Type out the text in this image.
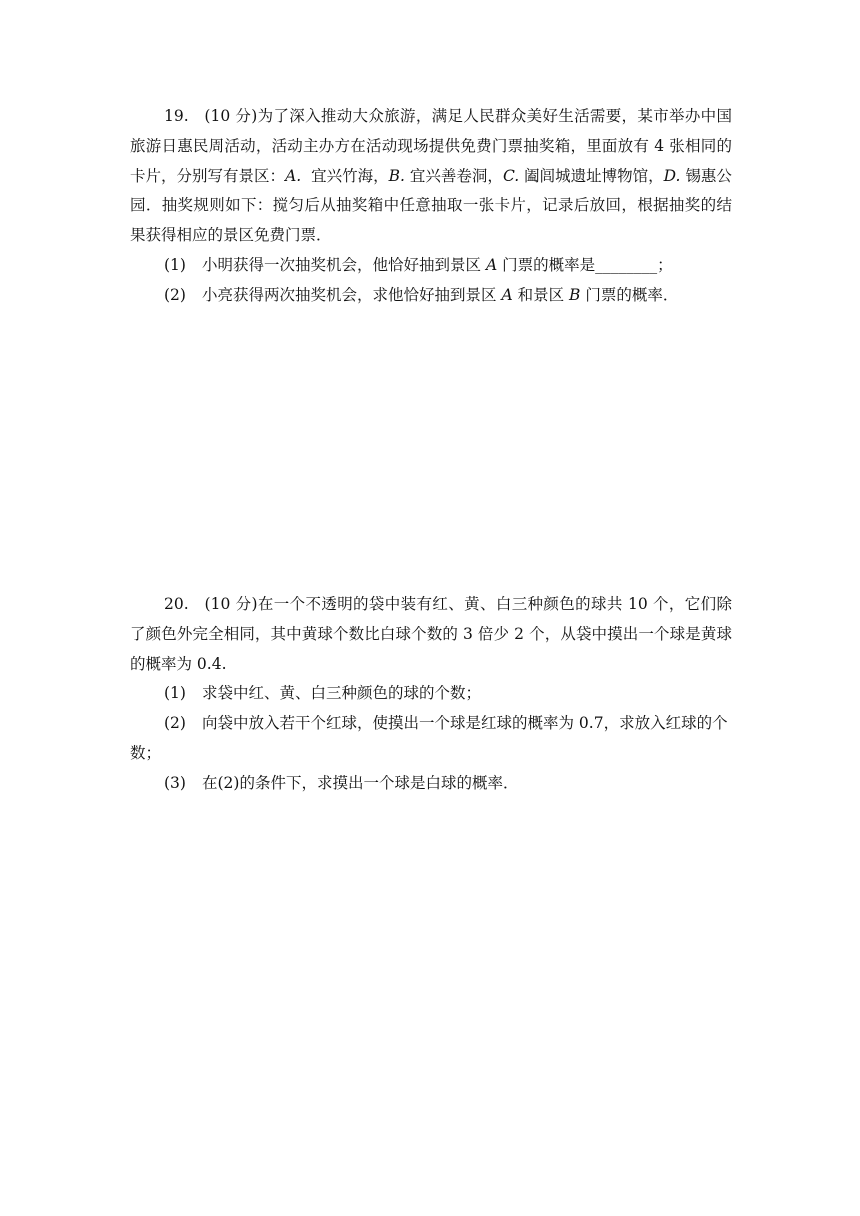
19. (10 分)为了深入推动大众旅游，满足人民群众美好生活需要，某市举办中国旅游日惠民周活动，活动主办方在活动现场提供免费门票抽奖箱，里面放有 4 张相同的卡片，分别写有景区：A. 宜兴竹海，B. 宜兴善卷洞，C. 阖闾城遗址博物馆，D. 锡惠公园．抽奖规则如下：搅匀后从抽奖箱中任意抽取一张卡片，记录后放回，根据抽奖的结果获得相应的景区免费门票．
(1)	小明获得一次抽奖机会，他恰好抽到景区 A 门票的概率是________；
(2)	小亮获得两次抽奖机会，求他恰好抽到景区 A 和景区 B 门票的概率．
20. (10 分)在一个不透明的袋中装有红、黄、白三种颜色的球共 10 个，它们除了颜色外完全相同，其中黄球个数比白球个数的 3 倍少 2 个，从袋中摸出一个球是黄球的概率为 0.4.
(1)	求袋中红、黄、白三种颜色的球的个数；
(2) 向袋中放入若干个红球，使摸出一个球是红球的概率为 0.7，求放入红球的个数；
(3)	在(2)的条件下，求摸出一个球是白球的概率．
